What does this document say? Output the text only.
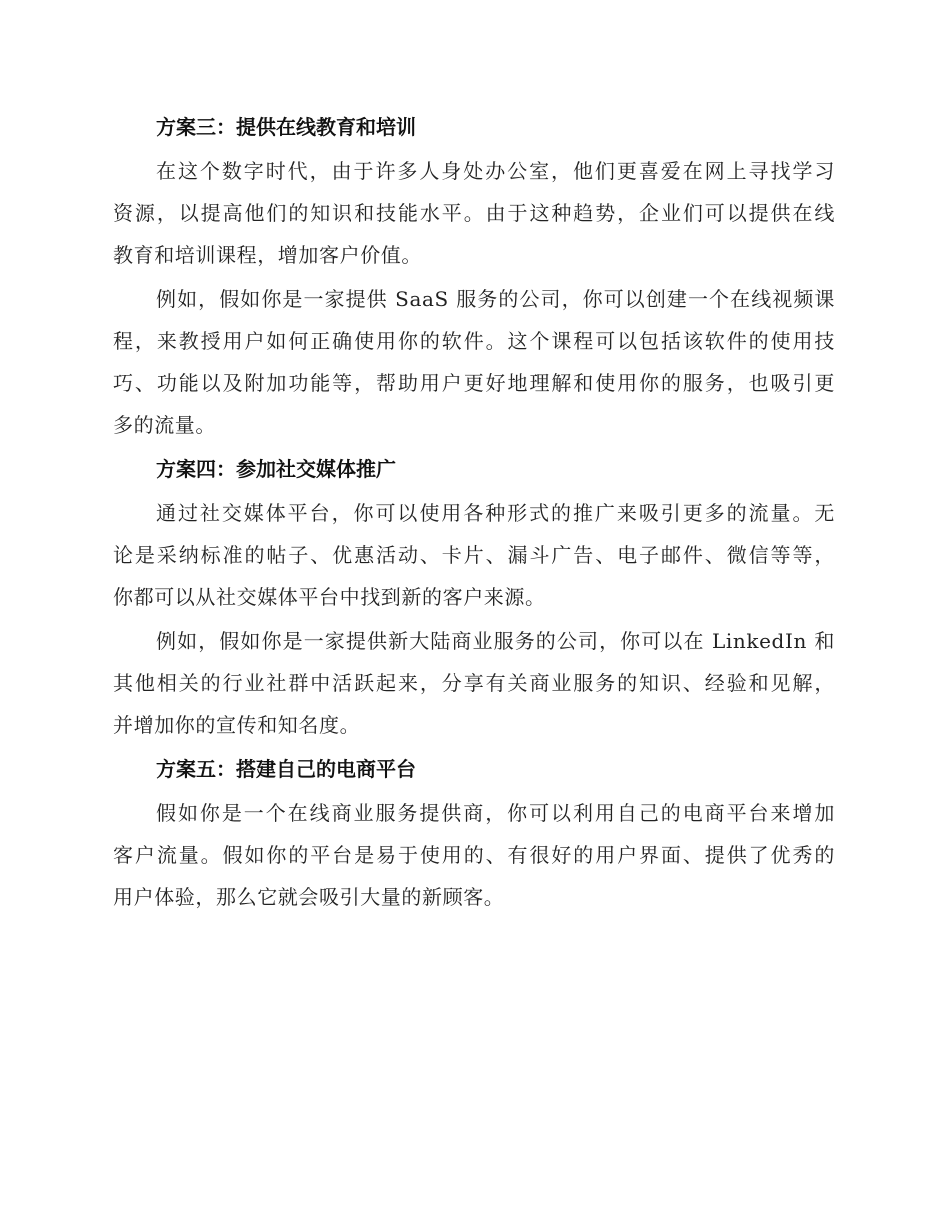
方案三：提供在线教育和培训

在这个数字时代，由于许多人身处办公室，他们更喜爱在网上寻找学习
资源，以提高他们的知识和技能水平。由于这种趋势，企业们可以提供在线
教育和培训课程，增加客户价值。

例如，假如你是一家提供 SaaS 服务的公司，你可以创建一个在线视频课
程，来教授用户如何正确使用你的软件。这个课程可以包括该软件的使用技
巧、功能以及附加功能等，帮助用户更好地理解和使用你的服务，也吸引更
多的流量。

方案四：参加社交媒体推广

通过社交媒体平台，你可以使用各种形式的推广来吸引更多的流量。无
论是采纳标准的帖子、优惠活动、卡片、漏斗广告、电子邮件、微信等等，
你都可以从社交媒体平台中找到新的客户来源。

例如，假如你是一家提供新大陆商业服务的公司，你可以在 LinkedIn 和
其他相关的行业社群中活跃起来，分享有关商业服务的知识、经验和见解，
并增加你的宣传和知名度。

方案五：搭建自己的电商平台

假如你是一个在线商业服务提供商，你可以利用自己的电商平台来增加
客户流量。假如你的平台是易于使用的、有很好的用户界面、提供了优秀的
用户体验，那么它就会吸引大量的新顾客。
